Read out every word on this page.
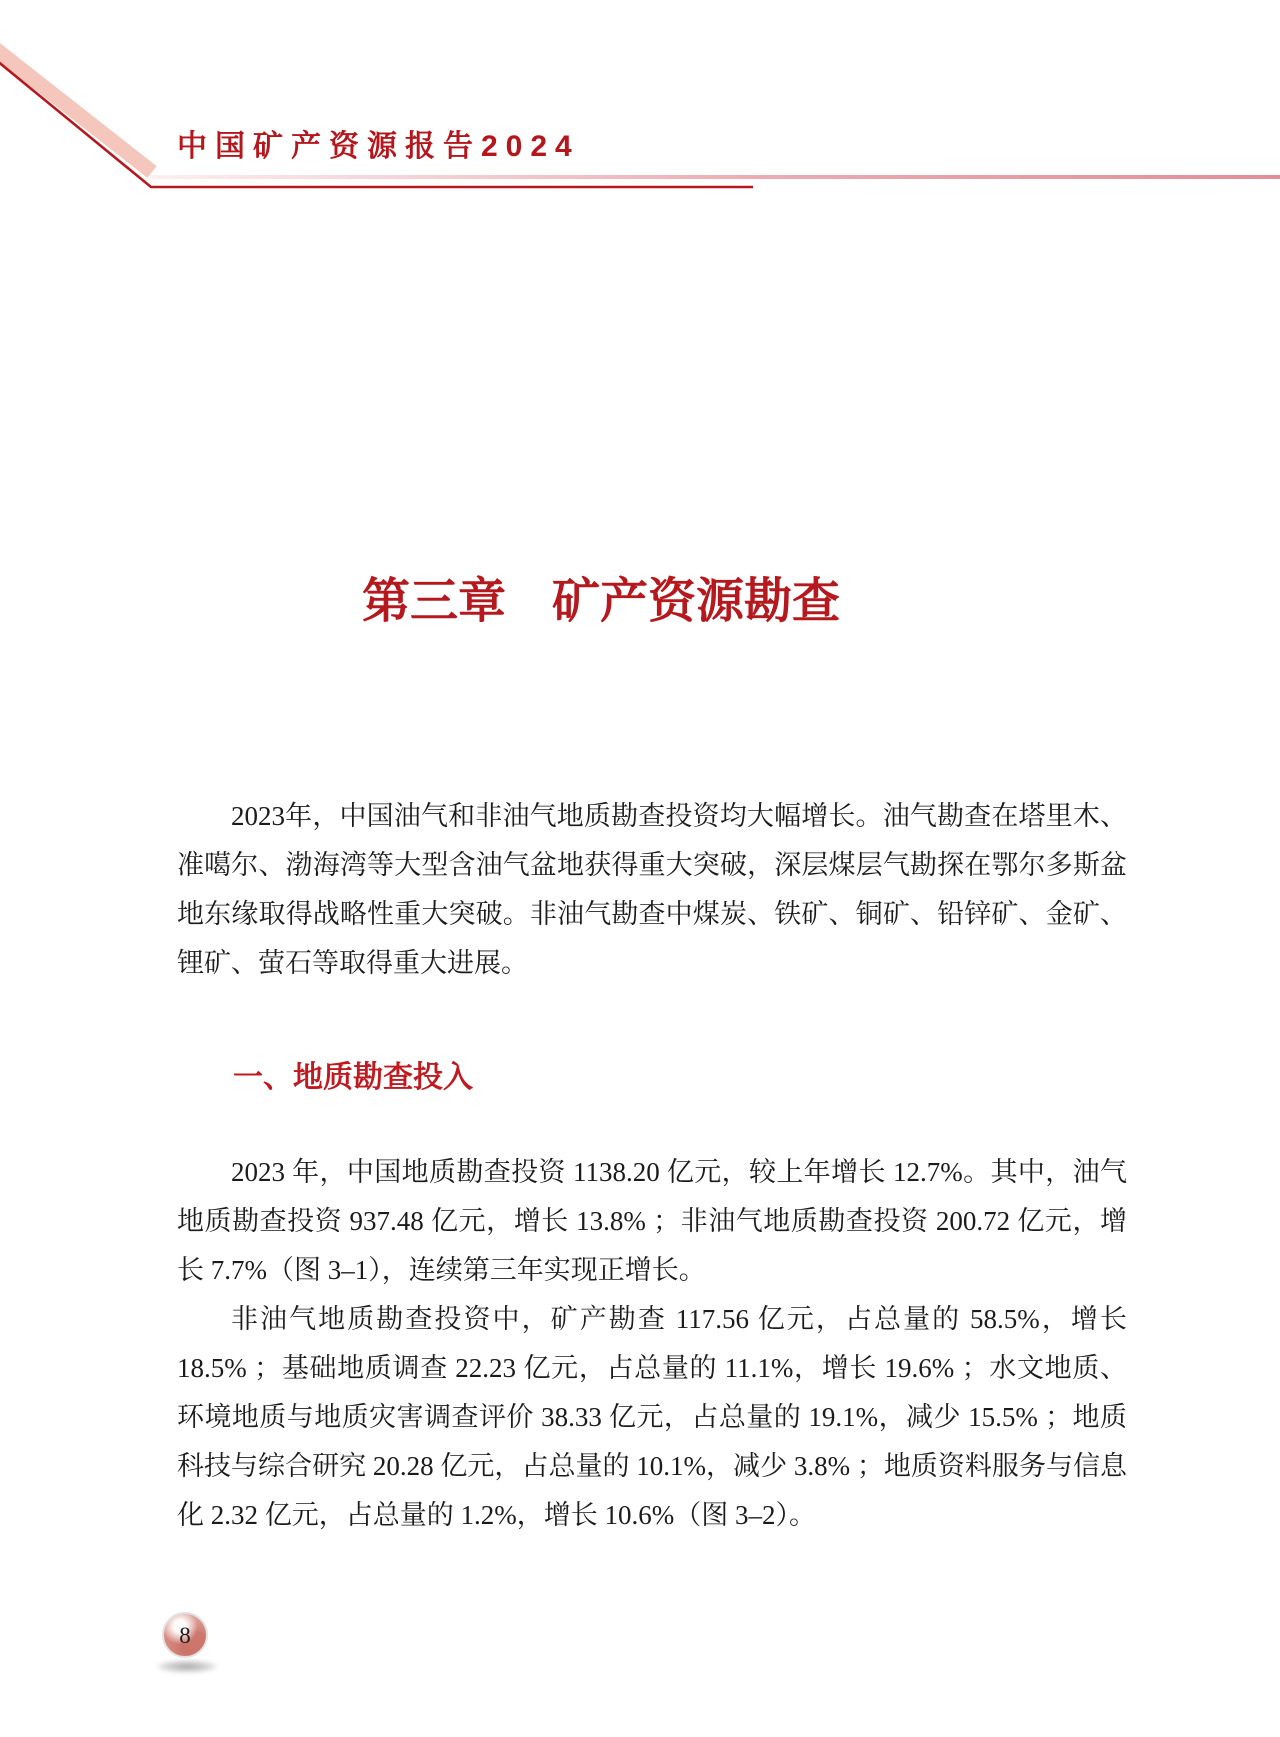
中国矿产资源报告2024
第三章 矿产资源勘查

2023年，中国油气和非油气地质勘查投资均大幅增长。油气勘查在塔里木、准噶尔、渤海湾等大型含油气盆地获得重大突破，深层煤层气勘探在鄂尔多斯盆地东缘取得战略性重大突破。非油气勘查中煤炭、铁矿、铜矿、铅锌矿、金矿、锂矿、萤石等取得重大进展。

一、地质勘查投入

2023 年，中国地质勘查投资 1138.20 亿元，较上年增长 12.7%。其中，油气地质勘查投资 937.48 亿元，增长 13.8% ；非油气地质勘查投资 200.72 亿元，增长 7.7%（图 3–1），连续第三年实现正增长。

非油气地质勘查投资中，矿产勘查 117.56 亿元，占总量的 58.5%，增长 18.5% ；基础地质调查 22.23 亿元，占总量的 11.1%，增长 19.6% ；水文地质、环境地质与地质灾害调查评价 38.33 亿元，占总量的 19.1%，减少 15.5% ；地质科技与综合研究 20.28 亿元，占总量的 10.1%，减少 3.8% ；地质资料服务与信息化 2.32 亿元，占总量的 1.2%，增长 10.6%（图 3–2）。

8
